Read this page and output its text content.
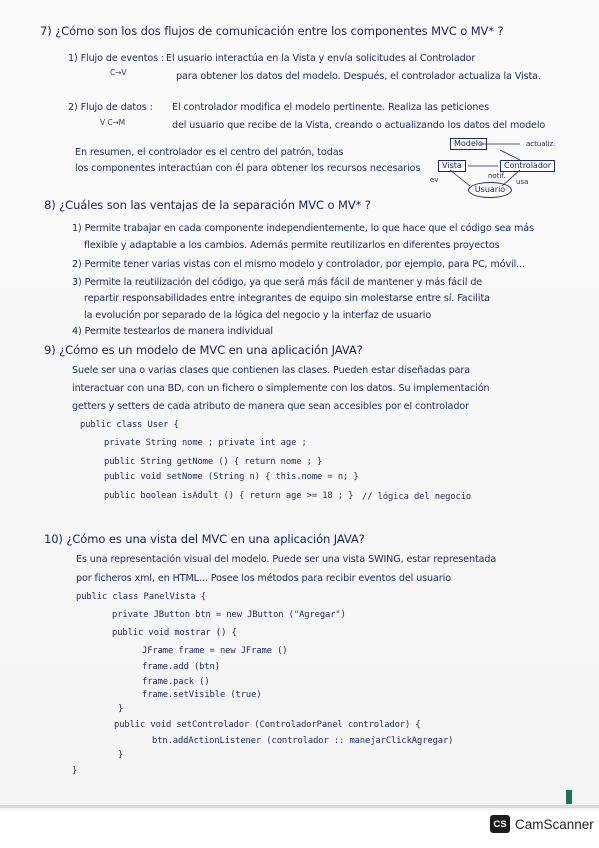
7) ¿Cómo son los dos flujos de comunicación entre los componentes MVC o MV* ?
1) Flujo de eventos :
C→V
El usuario interactúa en la Vista y envía solicitudes al Controlador
para obtener los datos del modelo. Después, el controlador actualiza la Vista.
2) Flujo de datos :
V C→M
El controlador modifica el modelo pertinente. Realiza las peticiones
del usuario que recibe de la Vista, creando o actualizando los datos del modelo
En resumen, el controlador es el centro del patrón, todas
los componentes interactúan con él para obtener los recursos necesarios
Modelo	actualiz.
Vista	Controlador
ev	usa
Usuario
notif.
8) ¿Cuáles son las ventajas de la separación MVC o MV* ?
1) Permite trabajar en cada componente independientemente, lo que hace que el código sea más
flexible y adaptable a los cambios. Además permite reutilizarlos en diferentes proyectos
2) Permite tener varias vistas con el mismo modelo y controlador, por ejemplo, para PC, móvil...
3) Permite la reutilización del código, ya que será más fácil de mantener y más fácil de
repartir responsabilidades entre integrantes de equipo sin molestarse entre sí. Facilita
la evolución por separado de la lógica del negocio y la interfaz de usuario
4) Permite testearlos de manera individual
9) ¿Cómo es un modelo de MVC en una aplicación JAVA?
Suele ser una o varias clases que contienen las clases. Pueden estar diseñadas para
interactuar con una BD, con un fichero o simplemente con los datos. Su implementación
getters y setters de cada atributo de manera que sean accesibles por el controlador
public class User {
private String nome ; private int age ;
public String getNome () { return nome ; }
public void setNome (String n) { this.nome = n; }
public boolean isAdult () { return age >= 18 ; } // lógica del negocio
10) ¿Cómo es una vista del MVC en una aplicación JAVA?
Es una representación visual del modelo. Puede ser una vista SWING, estar representada
por ficheros xml, en HTML... Posee los métodos para recibir eventos del usuario
public class PanelVista {
private JButton btn = new JButton ("Agregar")
public void mostrar () {
JFrame frame = new JFrame ()
frame.add (btn)
frame.pack ()
frame.setVisible (true)
}
public void setControlador (ControladorPanel controlador) {
btn.addActionListener (controlador :: manejarClickAgregar)
}
}
CS CamScanner
